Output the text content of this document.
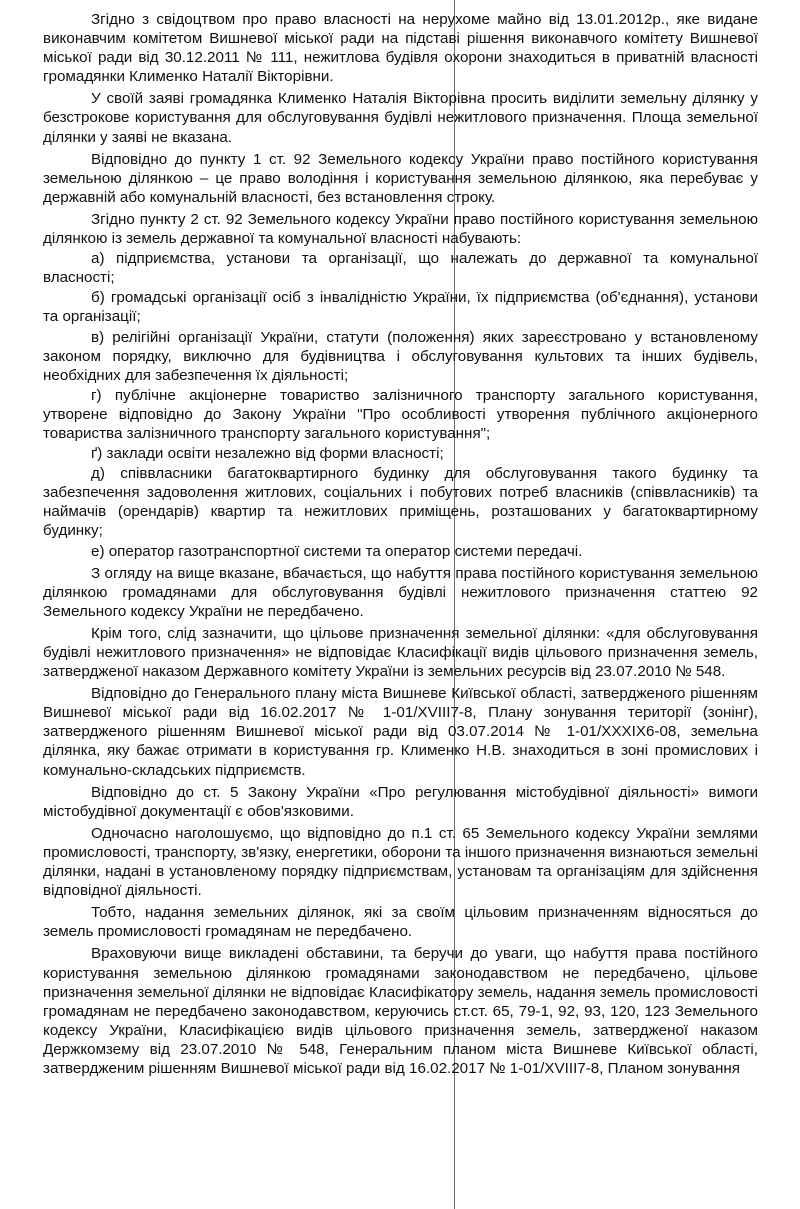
Згідно з свідоцтвом про право власності на нерухоме майно від 13.01.2012р., яке видане виконавчим комітетом Вишневої міської ради на підставі рішення виконавчого комітету Вишневої міської ради від 30.12.2011 № 111, нежитлова будівля охорони знаходиться в приватній власності громадянки Клименко Наталії Вікторівни.

У своїй заяві громадянка Клименко Наталія Вікторівна просить виділити земельну ділянку у безстрокове користування для обслуговування будівлі нежитлового призначення. Площа земельної ділянки у заяві не вказана.

Відповідно до пункту 1 ст. 92 Земельного кодексу України право постійного користування земельною ділянкою – це право володіння і користування земельною ділянкою, яка перебуває у державній або комунальній власності, без встановлення строку.

Згідно пункту 2 ст. 92 Земельного кодексу України право постійного користування земельною ділянкою із земель державної та комунальної власності набувають:

а) підприємства, установи та організації, що належать до державної та комунальної власності;

б) громадські організації осіб з інвалідністю України, їх підприємства (об'єднання), установи та організації;

в) релігійні організації України, статути (положення) яких зареєстровано у встановленому законом порядку, виключно для будівництва і обслуговування культових та інших будівель, необхідних для забезпечення їх діяльності;

г) публічне акціонерне товариство залізничного транспорту загального користування, утворене відповідно до Закону України "Про особливості утворення публічного акціонерного товариства залізничного транспорту загального користування";

ґ) заклади освіти незалежно від форми власності;

д) співвласники багатоквартирного будинку для обслуговування такого будинку та забезпечення задоволення житлових, соціальних і побутових потреб власників (співвласників) та наймачів (орендарів) квартир та нежитлових приміщень, розташованих у багатоквартирному будинку;

е) оператор газотранспортної системи та оператор системи передачі.

З огляду на вище вказане, вбачається, що набуття права постійного користування земельною ділянкою громадянами для обслуговування будівлі нежитлового призначення статтею 92 Земельного кодексу України не передбачено.

Крім того, слід зазначити, що цільове призначення земельної ділянки: «для обслуговування будівлі нежитлового призначення» не відповідає Класифікації видів цільового призначення земель, затвердженої наказом Державного комітету України із земельних ресурсів від 23.07.2010 № 548.

Відповідно до Генерального плану міста Вишневе Київської області, затвердженого рішенням Вишневої міської ради від 16.02.2017 № 1-01/ХVІІІ7-8, Плану зонування території (зонінг), затвердженого рішенням Вишневої міської ради від 03.07.2014 № 1-01/ХХХІХ6-08, земельна ділянка, яку бажає отримати в користування гр. Клименко Н.В. знаходиться в зоні промислових і комунально-складських підприємств.

Відповідно до ст. 5 Закону України «Про регулювання містобудівної діяльності» вимоги містобудівної документації є обов'язковими.

Одночасно наголошуємо, що відповідно до п.1 ст. 65 Земельного кодексу України землями промисловості, транспорту, зв'язку, енергетики, оборони та іншого призначення визнаються земельні ділянки, надані в установленому порядку підприємствам, установам та організаціям для здійснення відповідної діяльності.

Тобто, надання земельних ділянок, які за своїм цільовим призначенням відносяться до земель промисловості громадянам не передбачено.

Враховуючи вище викладені обставини, та беручи до уваги, що набуття права постійного користування земельною ділянкою громадянами законодавством не передбачено, цільове призначення земельної ділянки не відповідає Класифікатору земель, надання земель промисловості громадянам не передбачено законодавством, керуючись ст.ст. 65, 79-1, 92, 93, 120, 123 Земельного кодексу України, Класифікацією видів цільового призначення земель, затвердженої наказом Держкомзему від 23.07.2010 № 548, Генеральним планом міста Вишневе Київської області, затвердженим рішенням Вишневої міської ради від 16.02.2017 № 1-01/ХVІІІ7-8, Планом зонування
